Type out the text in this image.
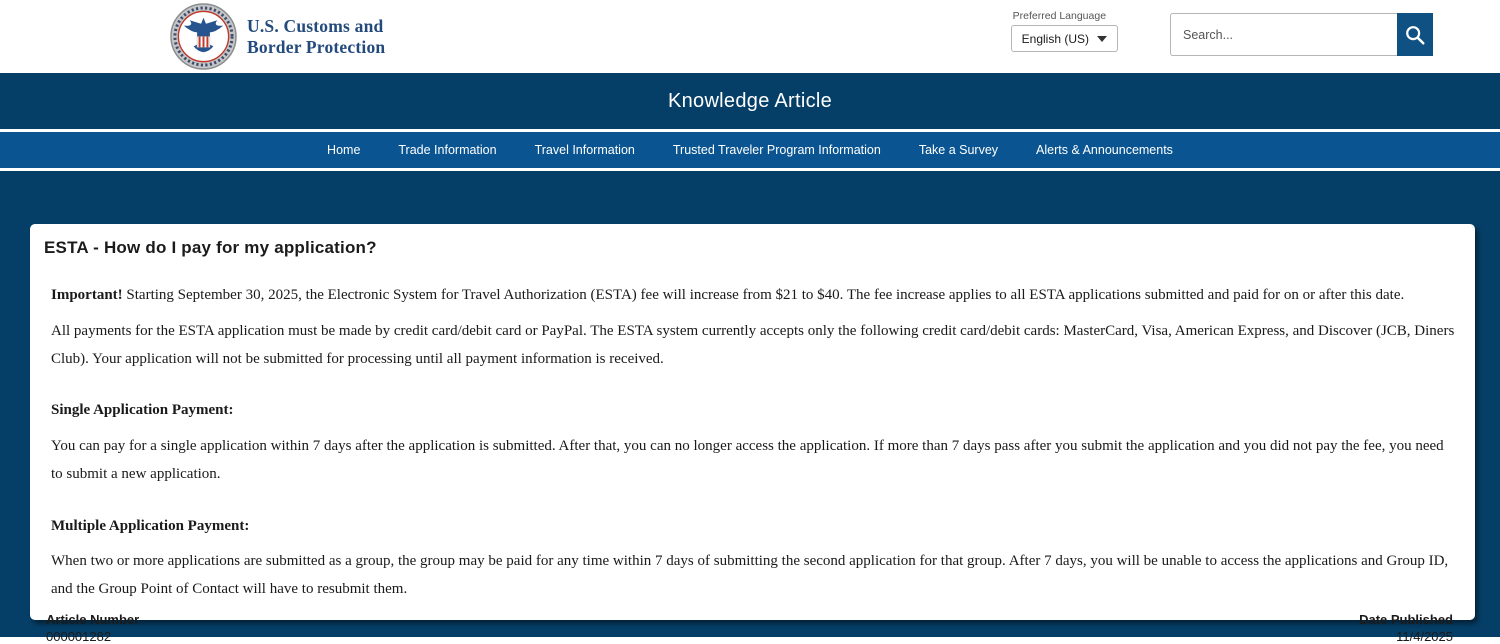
U.S. Customs and
Border Protection
Preferred Language
English (US)
Search...
Knowledge Article
Home	Trade Information	Travel Information	Trusted Traveler Program Information	Take a Survey	Alerts & Announcements
ESTA - How do I pay for my application?

Important! Starting September 30, 2025, the Electronic System for Travel Authorization (ESTA) fee will increase from $21 to $40. The fee increase applies to all ESTA applications submitted and paid for on or after this date.

All payments for the ESTA application must be made by credit card/debit card or PayPal. The ESTA system currently accepts only the following credit card/debit cards: MasterCard, Visa, American Express, and Discover (JCB, Diners Club). Your application will not be submitted for processing until all payment information is received.

Single Application Payment:

You can pay for a single application within 7 days after the application is submitted. After that, you can no longer access the application. If more than 7 days pass after you submit the application and you did not pay the fee, you need to submit a new application.

Multiple Application Payment:

When two or more applications are submitted as a group, the group may be paid for any time within 7 days of submitting the second application for that group. After 7 days, you will be unable to access the applications and Group ID, and the Group Point of Contact will have to resubmit them.

Article Number
000001282
Date Published
11/4/2025
